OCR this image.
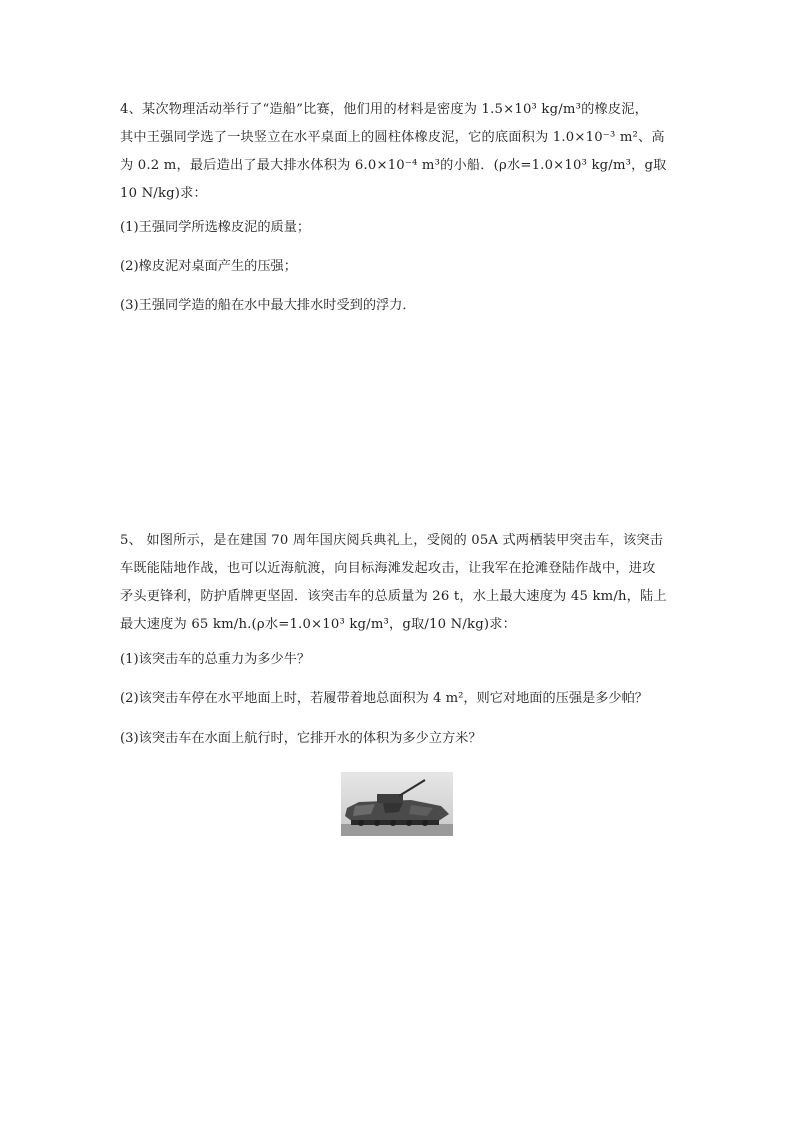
4、某次物理活动举行了“造船”比赛，他们用的材料是密度为 1.5×10³ kg/m³的橡皮泥，

其中王强同学选了一块竖立在水平桌面上的圆柱体橡皮泥，它的底面积为 1.0×10⁻³ m²、高

为 0.2 m，最后造出了最大排水体积为 6.0×10⁻⁴ m³的小船．(ρ水=1.0×10³ kg/m³，g取

10 N/kg)求：

(1)王强同学所选橡皮泥的质量；

(2)橡皮泥对桌面产生的压强；

(3)王强同学造的船在水中最大排水时受到的浮力．

5、 如图所示，是在建国 70 周年国庆阅兵典礼上，受阅的 05A 式两栖装甲突击车，该突击

车既能陆地作战，也可以近海航渡，向目标海滩发起攻击，让我军在抢滩登陆作战中，进攻

矛头更锋利，防护盾牌更坚固．该突击车的总质量为 26 t，水上最大速度为 45 km/h，陆上

最大速度为 65 km/h.(ρ水=1.0×10³ kg/m³，g取/10 N/kg)求：

(1)该突击车的总重力为多少牛？

(2)该突击车停在水平地面上时，若履带着地总面积为 4 m²，则它对地面的压强是多少帕？

(3)该突击车在水面上航行时，它排开水的体积为多少立方米？
